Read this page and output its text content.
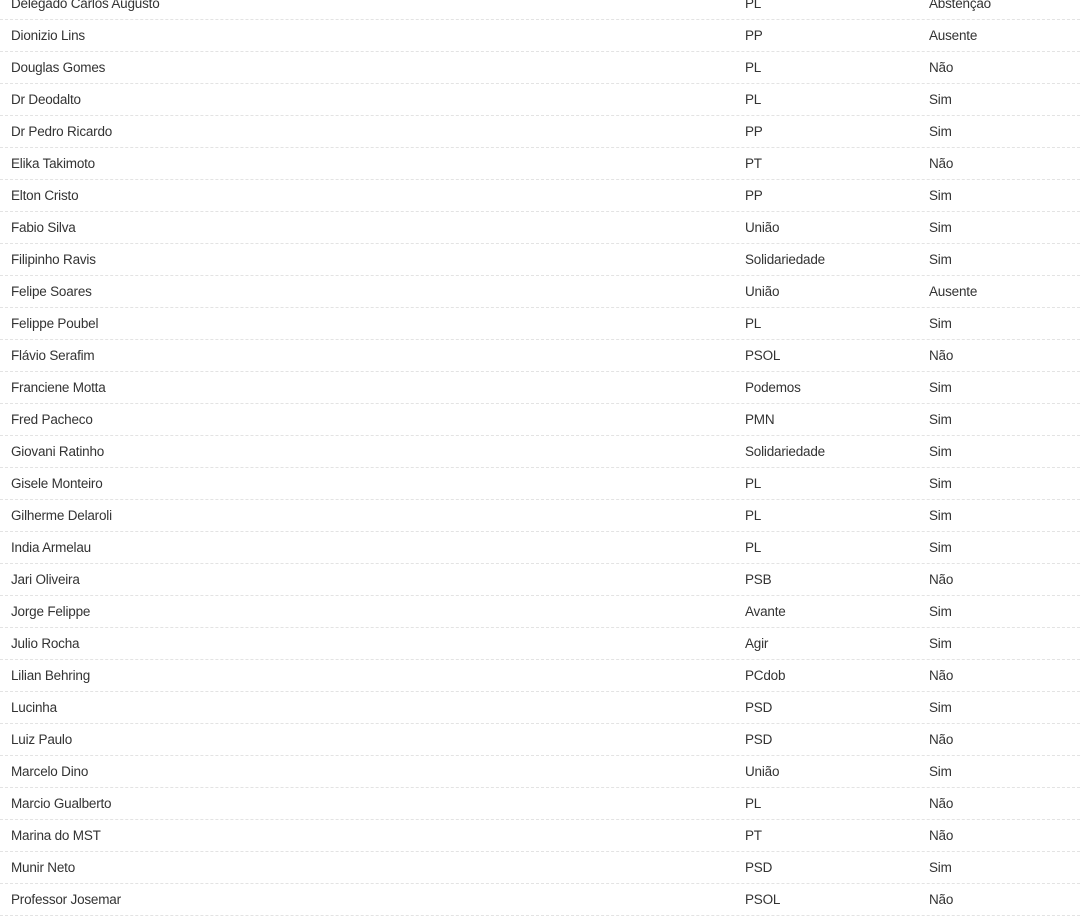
Delegado Carlos Augusto	PL	Abstenção
Dionizio Lins	PP	Ausente
Douglas Gomes	PL	Não
Dr Deodalto	PL	Sim
Dr Pedro Ricardo	PP	Sim
Elika Takimoto	PT	Não
Elton Cristo	PP	Sim
Fabio Silva	União	Sim
Filipinho Ravis	Solidariedade	Sim
Felipe Soares	União	Ausente
Felippe Poubel	PL	Sim
Flávio Serafim	PSOL	Não
Franciene Motta	Podemos	Sim
Fred Pacheco	PMN	Sim
Giovani Ratinho	Solidariedade	Sim
Gisele Monteiro	PL	Sim
Gilherme Delaroli	PL	Sim
India Armelau	PL	Sim
Jari Oliveira	PSB	Não
Jorge Felippe	Avante	Sim
Julio Rocha	Agir	Sim
Lilian Behring	PCdob	Não
Lucinha	PSD	Sim
Luiz Paulo	PSD	Não
Marcelo Dino	União	Sim
Marcio Gualberto	PL	Não
Marina do MST	PT	Não
Munir Neto	PSD	Sim
Professor Josemar	PSOL	Não
